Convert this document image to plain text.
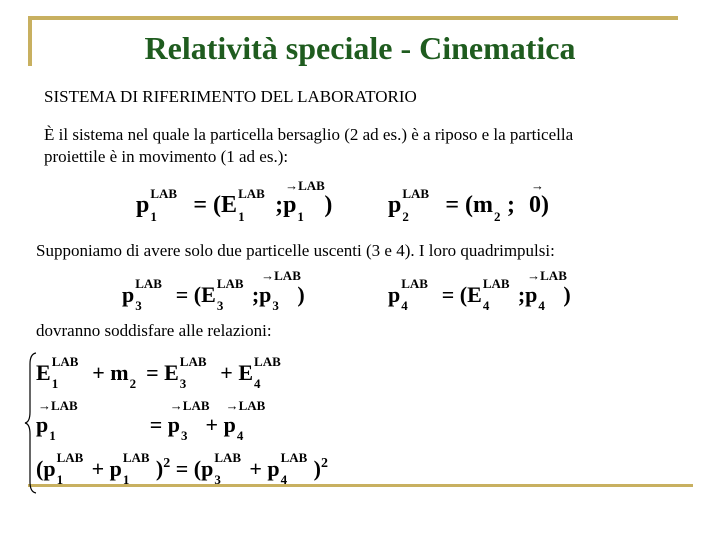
Relatività speciale - Cinematica
SISTEMA DI RIFERIMENTO DEL LABORATORIO
È il sistema nel quale la particella bersaglio (2 ad es.) è a riposo e la particella
proiettile è in movimento (1 ad es.):
p LAB
1 = (E LAB
1 ;
→LAB
p 1 ) p LAB
2 = (m 2 ;
→
0)
Supponiamo di avere solo due particelle uscenti (3 e 4). I loro quadrimpulsi:
p LAB
3 = (E LAB
3 ;
→LAB
p 3 )	p LAB
4 = (E LAB
4 ;
→LAB
p 4 )
dovranno soddisfare alle relazioni:
E LAB
1 + m 2 = E LAB
3 + E LAB
4
→LAB
p 1	=
→LAB
p 3 +
→LAB
p 4
(p LAB
1 + p LAB
1 )$^2$ = (p LAB
3 + p LAB
4 )$^2$
